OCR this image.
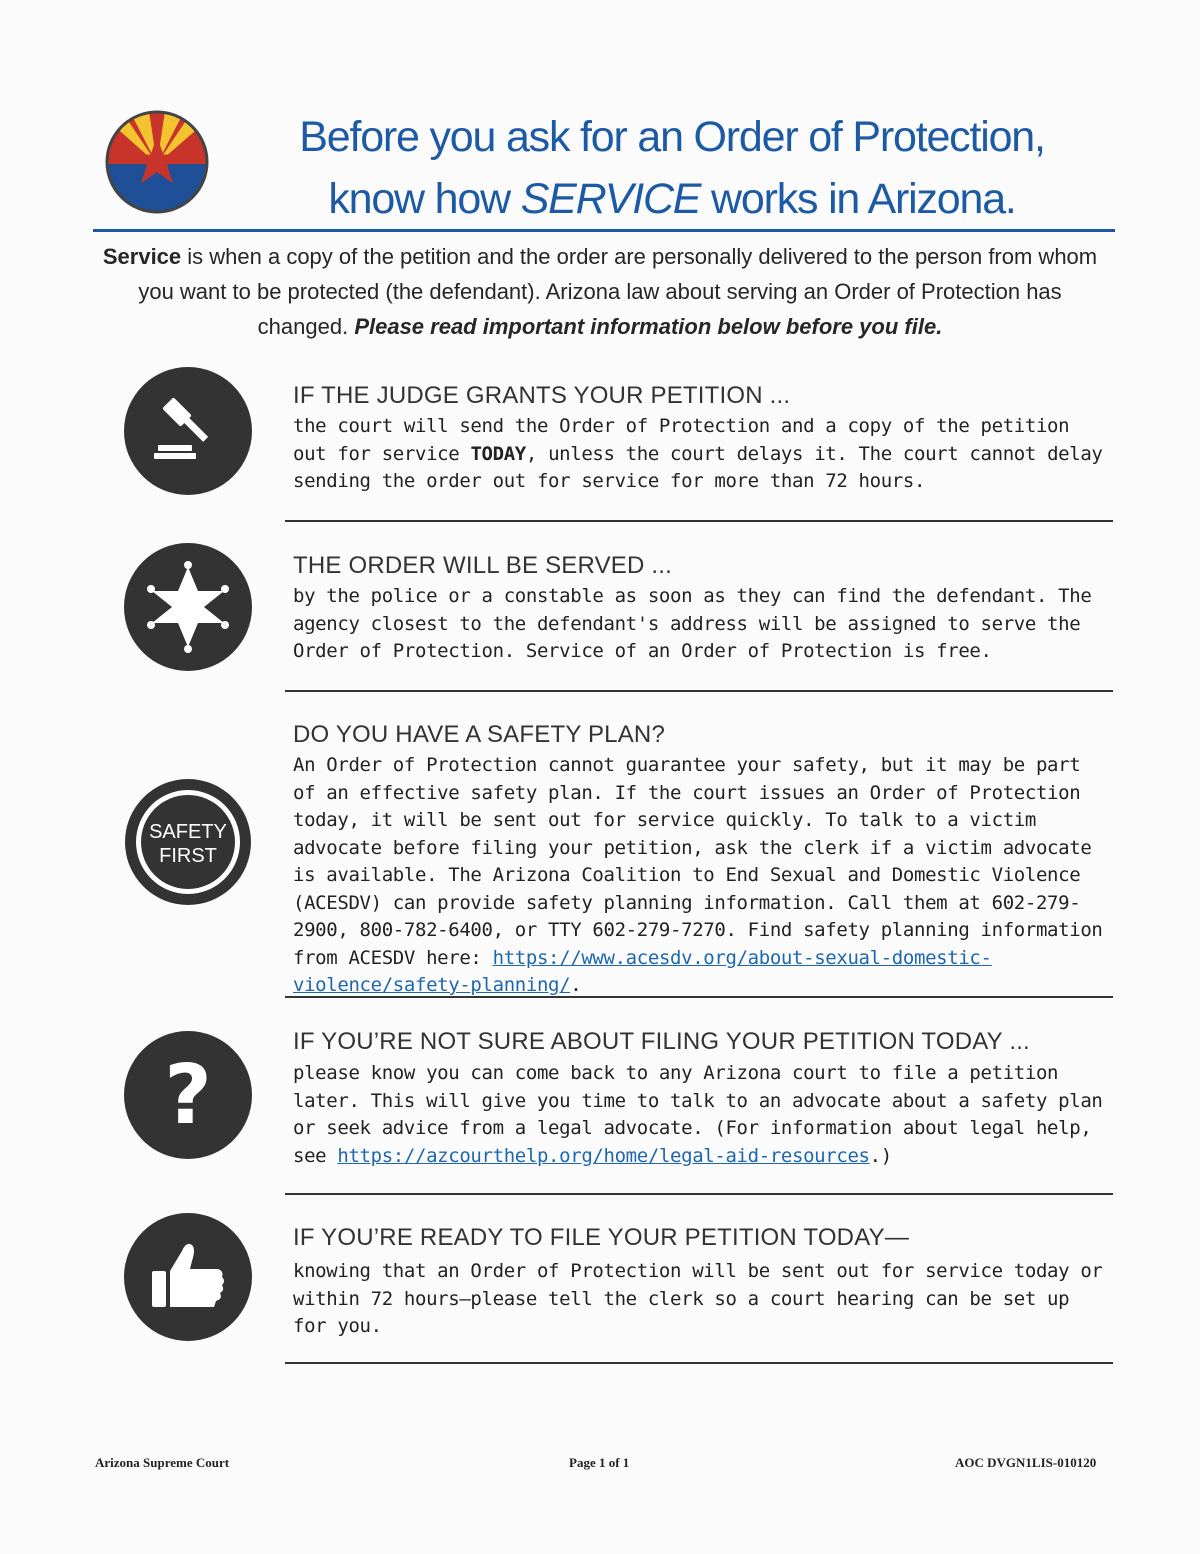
Before you ask for an Order of Protection,
know how SERVICE works in Arizona.
Service is when a copy of the petition and the order are personally delivered to the person from whom you want to be protected (the defendant). Arizona law about serving an Order of Protection has changed. Please read important information below before you file.
IF THE JUDGE GRANTS YOUR PETITION ...
the court will send the Order of Protection and a copy of the petition out for service TODAY, unless the court delays it. The court cannot delay sending the order out for service for more than 72 hours.
THE ORDER WILL BE SERVED ...
by the police or a constable as soon as they can find the defendant. The agency closest to the defendant's address will be assigned to serve the Order of Protection. Service of an Order of Protection is free.
SAFETY
FIRST
DO YOU HAVE A SAFETY PLAN?
An Order of Protection cannot guarantee your safety, but it may be part of an effective safety plan. If the court issues an Order of Protection today, it will be sent out for service quickly. To talk to a victim advocate before filing your petition, ask the clerk if a victim advocate is available. The Arizona Coalition to End Sexual and Domestic Violence (ACESDV) can provide safety planning information. Call them at 602-279-2900, 800-782-6400, or TTY 602-279-7270. Find safety planning information from ACESDV here: https://www.acesdv.org/about-sexual-domestic-violence/safety-planning/.
?
IF YOU’RE NOT SURE ABOUT FILING YOUR PETITION TODAY ...
please know you can come back to any Arizona court to file a petition later. This will give you time to talk to an advocate about a safety plan or seek advice from a legal advocate. (For information about legal help, see https://azcourthelp.org/home/legal-aid-resources.)
IF YOU’RE READY TO FILE YOUR PETITION TODAY—
knowing that an Order of Protection will be sent out for service today or within 72 hours—please tell the clerk so a court hearing can be set up for you.
Arizona Supreme Court	Page 1 of 1	AOC DVGN1LIS-010120
